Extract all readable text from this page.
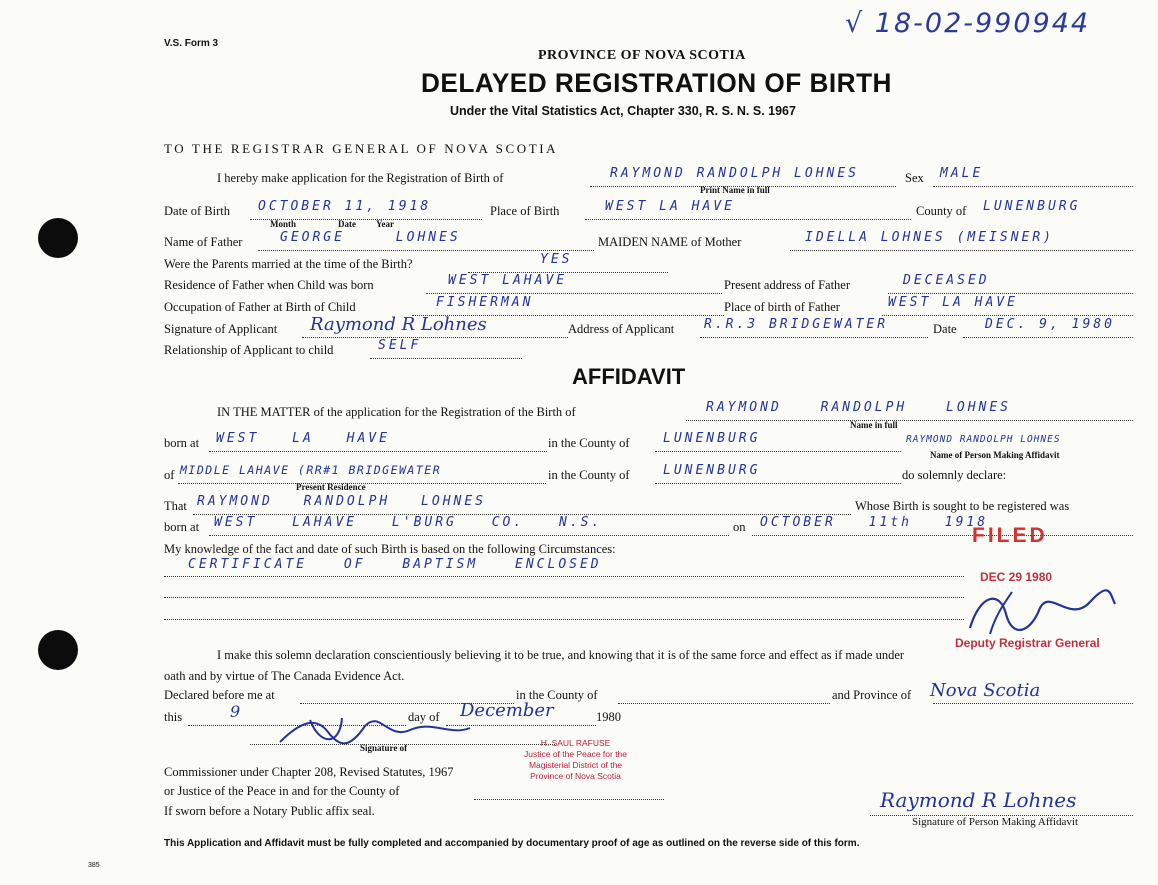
V.S. Form 3
√ 18-02-990944
PROVINCE OF NOVA SCOTIA
DELAYED REGISTRATION OF BIRTH
Under the Vital Statistics Act, Chapter 330, R. S. N. S. 1967
TO THE REGISTRAR GENERAL OF NOVA SCOTIA
I hereby make application for the Registration of Birth of	RAYMOND RANDOLPH LOHNES
Print Name in full
Sex MALE
Date of Birth OCTOBER 11, 1918
Month	Date Year
Place of Birth	WEST LA HAVE	County of LUNENBURG
Name of Father	GEORGE LOHNES	MAIDEN NAME of Mother	IDELLA LOHNES (MEISNER)
Were the Parents married at the time of the Birth?	YES
Residence of Father when Child was born	WEST LAHAVE	Present address of Father	DECEASED
Occupation of Father at Birth of Child	FISHERMAN	Place of birth of Father	WEST LA HAVE
Signature of Applicant Raymond R Lohnes	Address of Applicant R.R.3 BRIDGEWATER	Date DEC. 9, 1980
Relationship of Applicant to child	SELF
AFFIDAVIT
IN THE MATTER of the application for the Registration of the Birth of	RAYMOND RANDOLPH LOHNES
Name in full
born at WEST LA HAVE	in the County of	LUNENBURG	RAYMOND RANDOLPH LOHNES
Name of Person Making Affidavit
of MIDDLE LAHAVE (RR#1 BRIDGEWATER
Present Residence
in the County of	LUNENBURG	do solemnly declare:
That RAYMOND RANDOLPH LOHNES	Whose Birth is sought to be registered was
born at WEST LAHAVE L'BURG CO. N.S.	on OCTOBER 11th 1918
My knowledge of the fact and date of such Birth is based on the following Circumstances:
CERTIFICATE OF BAPTISM ENCLOSED
I make this solemn declaration conscientiously believing it to be true, and knowing that it is of the same force and effect as if made under
oath and by virtue of The Canada Evidence Act.
Declared before me at	in the County of	and Province of Nova Scotia
this	9	day of December	1980
Signature of
Commissioner under Chapter 208, Revised Statutes, 1967
or Justice of the Peace in and for the County of
If sworn before a Notary Public affix seal.
H. SAUL RAFUSE
Justice of the Peace for the
Magisterial District of the
Province of Nova Scotia
Raymond R Lohnes
Signature of Person Making Affidavit
FILED
DEC 29 1980
Deputy Registrar General
This Application and Affidavit must be fully completed and accompanied by documentary proof of age as outlined on the reverse side of this form.
385
